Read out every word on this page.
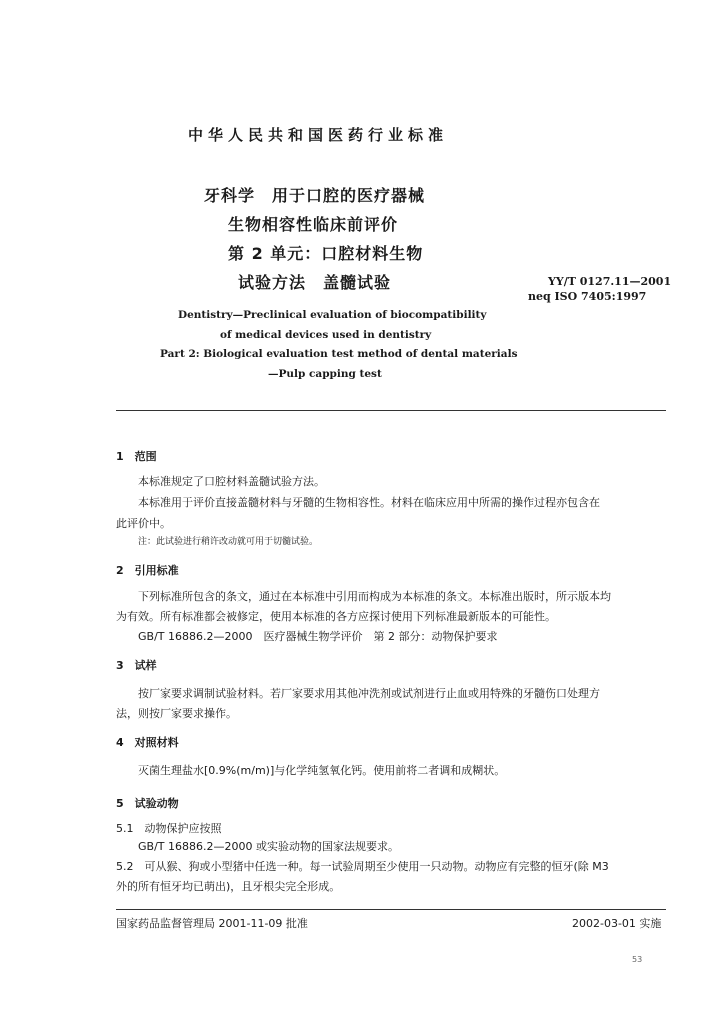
中华人民共和国医药行业标准
牙科学　用于口腔的医疗器械
生物相容性临床前评价
第 2 单元：口腔材料生物
试验方法　盖髓试验	YY/T 0127.11—2001
neq ISO 7405:1997
Dentistry—Preclinical evaluation of biocompatibility
of medical devices used in dentistry
Part 2: Biological evaluation test method of dental materials
—Pulp capping test
1　范围
本标准规定了口腔材料盖髓试验方法。
本标准用于评价直接盖髓材料与牙髓的生物相容性。材料在临床应用中所需的操作过程亦包含在
此评价中。
注：此试验进行稍许改动就可用于切髓试验。
2　引用标准
下列标准所包含的条文，通过在本标准中引用而构成为本标准的条文。本标准出版时，所示版本均
为有效。所有标准都会被修定，使用本标准的各方应探讨使用下列标准最新版本的可能性。
GB/T 16886.2—2000　医疗器械生物学评价　第 2 部分：动物保护要求
3　试样
按厂家要求调制试验材料。若厂家要求用其他冲洗剂或试剂进行止血或用特殊的牙髓伤口处理方
法，则按厂家要求操作。
4　对照材料
灭菌生理盐水[0.9%(m/m)]与化学纯氢氧化钙。使用前将二者调和成糊状。
5　试验动物
5.1　动物保护应按照
GB/T 16886.2—2000 或实验动物的国家法规要求。
5.2　可从猴、狗或小型猪中任选一种。每一试验周期至少使用一只动物。动物应有完整的恒牙(除 M3
外的所有恒牙均已萌出)，且牙根尖完全形成。
国家药品监督管理局 2001-11-09 批准	2002-03-01 实施
53
